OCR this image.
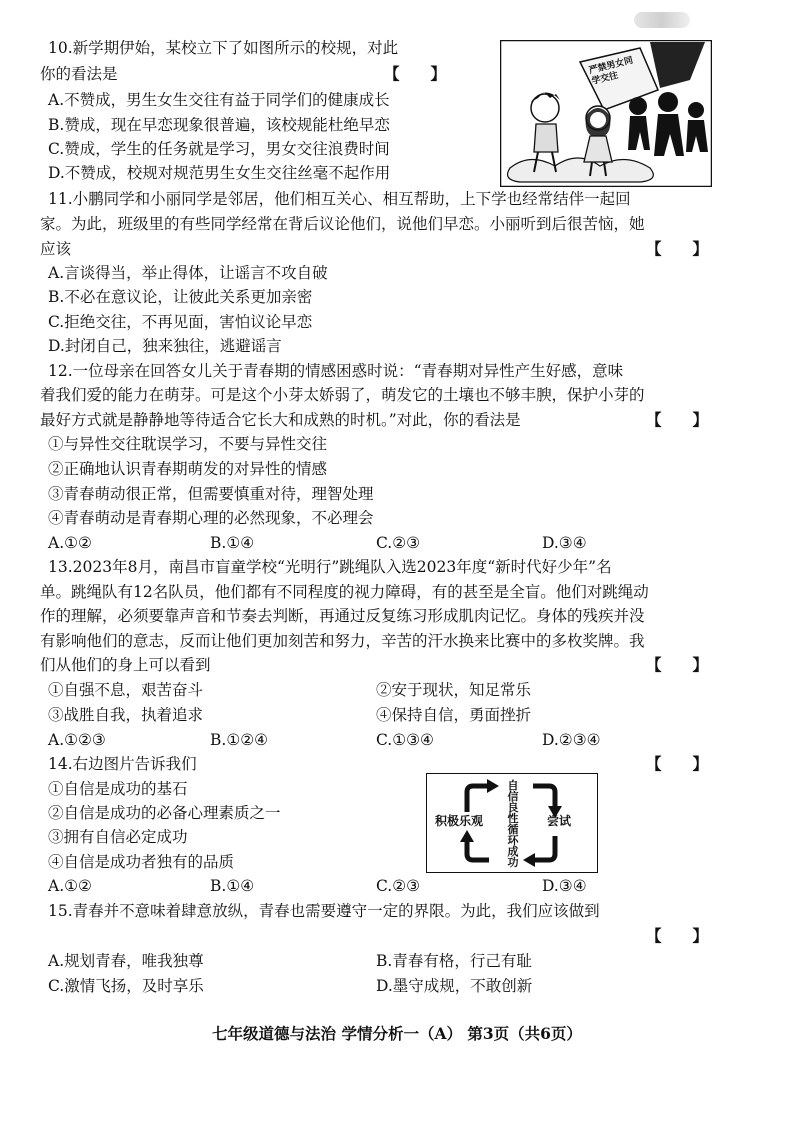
10.新学期伊始，某校立下了如图所示的校规，对此
你的看法是	【　　】
A.不赞成，男生女生交往有益于同学们的健康成长
B.赞成，现在早恋现象很普遍，该校规能杜绝早恋
C.赞成，学生的任务就是学习，男女交往浪费时间
D.不赞成，校规对规范男生女生交往丝毫不起作用
严禁男女同学交往
11.小鹏同学和小丽同学是邻居，他们相互关心、相互帮助，上下学也经常结伴一起回
家。为此，班级里的有些同学经常在背后议论他们，说他们早恋。小丽听到后很苦恼，她
应该	【　　】
A.言谈得当，举止得体，让谣言不攻自破
B.不必在意议论，让彼此关系更加亲密
C.拒绝交往，不再见面，害怕议论早恋
D.封闭自己，独来独往，逃避谣言
12.一位母亲在回答女儿关于青春期的情感困惑时说：“青春期对异性产生好感，意味
着我们爱的能力在萌芽。可是这个小芽太娇弱了，萌发它的土壤也不够丰腴，保护小芽的
最好方式就是静静地等待适合它长大和成熟的时机。”对此，你的看法是	【　　】
①与异性交往耽误学习，不要与异性交往
②正确地认识青春期萌发的对异性的情感
③青春萌动很正常，但需要慎重对待，理智处理
④青春萌动是青春期心理的必然现象，不必理会
A.①②	B.①④	C.②③	D.③④
13.2023年8月，南昌市盲童学校“光明行”跳绳队入选2023年度“新时代好少年”名
单。跳绳队有12名队员，他们都有不同程度的视力障碍，有的甚至是全盲。他们对跳绳动
作的理解，必须要靠声音和节奏去判断，再通过反复练习形成肌肉记忆。身体的残疾并没
有影响他们的意志，反而让他们更加刻苦和努力，辛苦的汗水换来比赛中的多枚奖牌。我
们从他们的身上可以看到	【　　】
①自强不息，艰苦奋斗	②安于现状，知足常乐
③战胜自我，执着追求	④保持自信，勇面挫折
A.①②③	B.①②④	C.①③④	D.②③④
14.右边图片告诉我们	【　　】
①自信是成功的基石
②自信是成功的必备心理素质之一
③拥有自信必定成功
④自信是成功者独有的品质
A.①②	B.①④	C.②③	D.③④
积极乐观	尝试
自
信
良
性
循
环
成
功
15.青春并不意味着肆意放纵，青春也需要遵守一定的界限。为此，我们应该做到
【　　】
A.规划青春，唯我独尊	B.青春有格，行己有耻
C.激情飞扬，及时享乐	D.墨守成规，不敢创新
七年级道德与法治 学情分析一（A） 第3页（共6页）
